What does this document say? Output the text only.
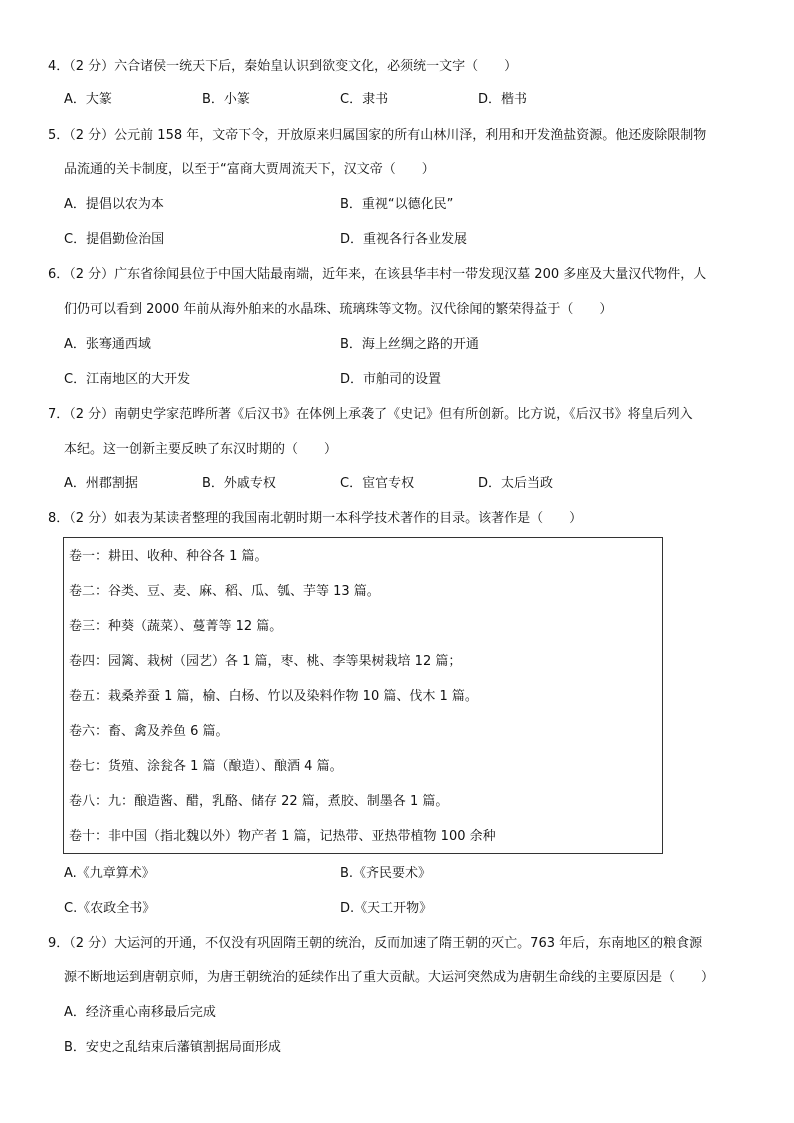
4．（2 分）六合诸侯一统天下后，秦始皇认识到欲变文化，必须统一文字（　　）
A．大篆	B．小篆	C．隶书	D．楷书
5．（2 分）公元前 158 年，文帝下令，开放原来归属国家的所有山林川泽，利用和开发渔盐资源。他还废除限制物
品流通的关卡制度，以至于“富商大贾周流天下，汉文帝（　　）
A．提倡以农为本	B．重视“以德化民”
C．提倡勤俭治国	D．重视各行各业发展
6．（2 分）广东省徐闻县位于中国大陆最南端，近年来，在该县华丰村一带发现汉墓 200 多座及大量汉代物件，人
们仍可以看到 2000 年前从海外舶来的水晶珠、琉璃珠等文物。汉代徐闻的繁荣得益于（　　）
A．张骞通西域	B．海上丝绸之路的开通
C．江南地区的大开发	D．市舶司的设置
7．（2 分）南朝史学家范晔所著《后汉书》在体例上承袭了《史记》但有所创新。比方说，《后汉书》将皇后列入
本纪。这一创新主要反映了东汉时期的（　　）
A．州郡割据	B．外戚专权	C．宦官专权	D．太后当政
8．（2 分）如表为某读者整理的我国南北朝时期一本科学技术著作的目录。该著作是（　　）
卷一：耕田、收种、种谷各 1 篇。
卷二：谷类、豆、麦、麻、稻、瓜、瓠、芋等 13 篇。
卷三：种葵（蔬菜）、蔓菁等 12 篇。
卷四：园篱、栽树（园艺）各 1 篇，枣、桃、李等果树栽培 12 篇；
卷五：栽桑养蚕 1 篇，榆、白杨、竹以及染料作物 10 篇、伐木 1 篇。
卷六：畜、禽及养鱼 6 篇。
卷七：货殖、涂瓮各 1 篇（酿造）、酿酒 4 篇。
卷八：九：酿造酱、醋，乳酪、储存 22 篇，煮胶、制墨各 1 篇。
卷十：非中国（指北魏以外）物产者 1 篇，记热带、亚热带植物 100 余种
A.《九章算术》	B.《齐民要术》
C.《农政全书》	D.《天工开物》
9．（2 分）大运河的开通，不仅没有巩固隋王朝的统治，反而加速了隋王朝的灭亡。763 年后，东南地区的粮食源
源不断地运到唐朝京师，为唐王朝统治的延续作出了重大贡献。大运河突然成为唐朝生命线的主要原因是（　　）
A．经济重心南移最后完成
B．安史之乱结束后藩镇割据局面形成
